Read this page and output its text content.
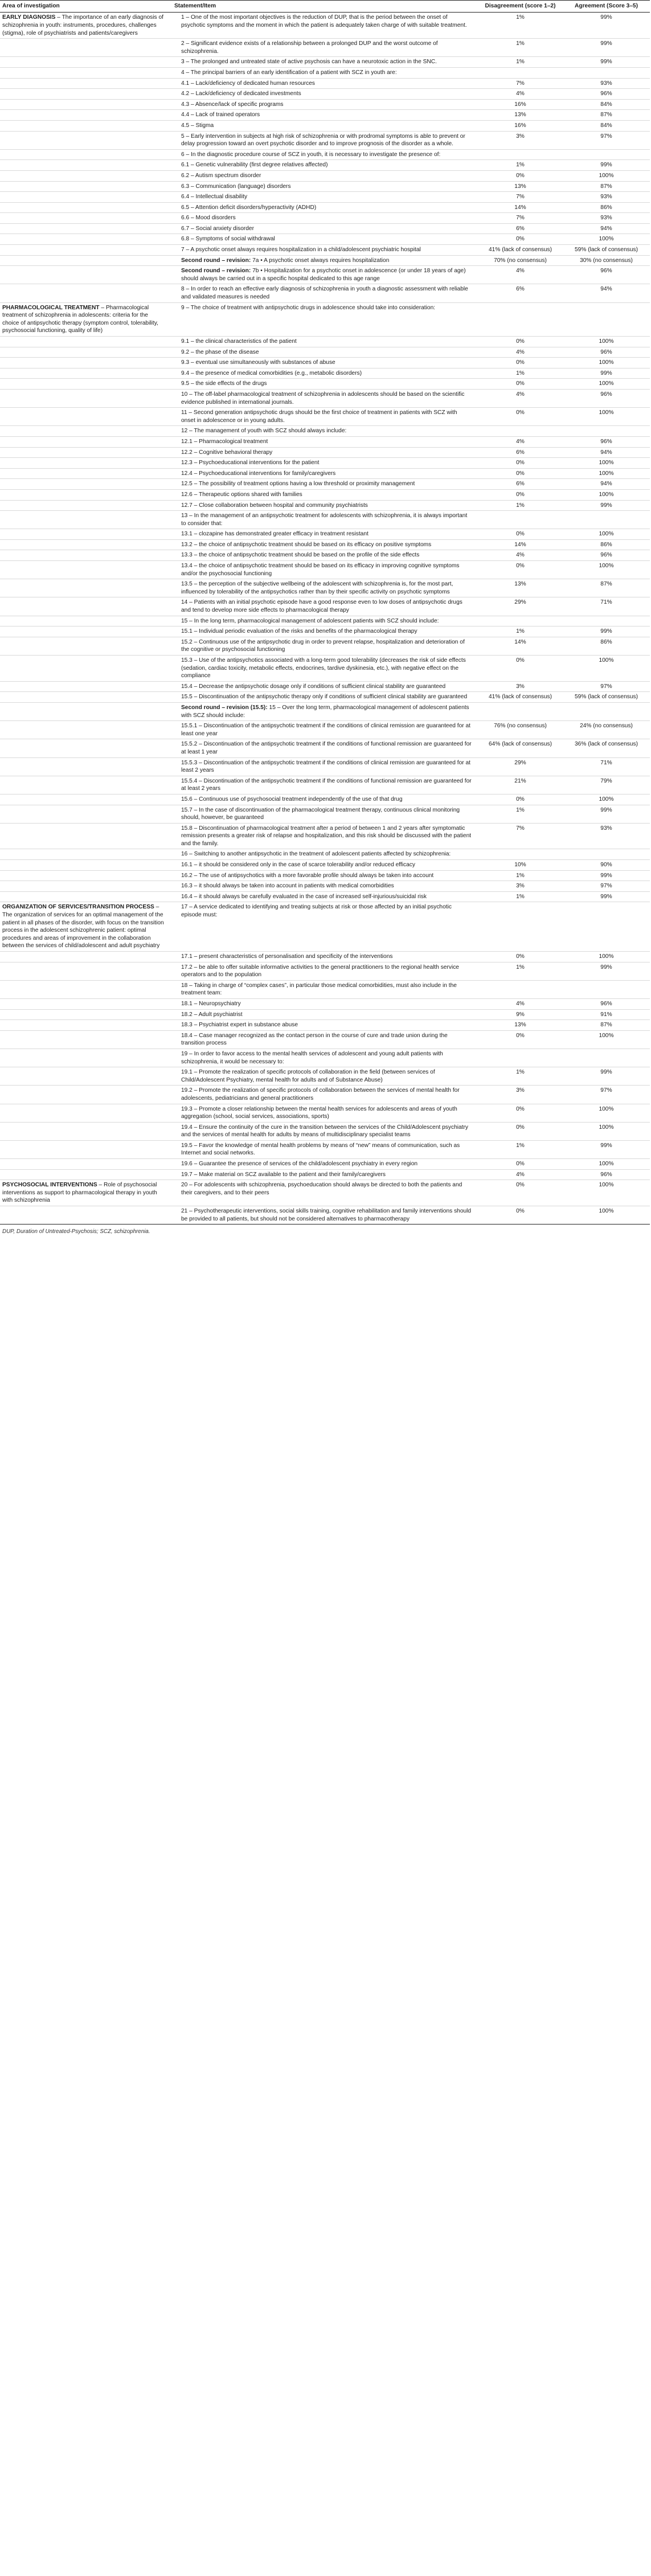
Area of investigation	Statement/Item	Disagreement (score 1–2)	Agreement (Score 3–5)
EARLY DIAGNOSIS – The importance of an early diagnosis of schizophrenia in youth: instruments, procedures, challenges (stigma), role of psychiatrists and patients/caregivers	1 – One of the most important objectives is the reduction of DUP, that is the period between the onset of psychotic symptoms and the moment in which the patient is adequately taken charge of with suitable treatment.	1%	99%
	2 – Significant evidence exists of a relationship between a prolonged DUP and the worst outcome of schizophrenia.	1%	99%
	3 – The prolonged and untreated state of active psychosis can have a neurotoxic action in the SNC.	1%	99%
	4 – The principal barriers of an early identification of a patient with SCZ in youth are:		
	4.1 – Lack/deficiency of dedicated human resources	7%	93%
	4.2 – Lack/deficiency of dedicated investments	4%	96%
	4.3 – Absence/lack of specific programs	16%	84%
	4.4 – Lack of trained operators	13%	87%
	4.5 – Stigma	16%	84%
	5 – Early intervention in subjects at high risk of schizophrenia or with prodromal symptoms is able to prevent or delay progression toward an overt psychotic disorder and to improve prognosis of the disorder as a whole.	3%	97%
	6 – In the diagnostic procedure course of SCZ in youth, it is necessary to investigate the presence of:		
	6.1 – Genetic vulnerability (first degree relatives affected)	1%	99%
	6.2 – Autism spectrum disorder	0%	100%
	6.3 – Communication (language) disorders	13%	87%
	6.4 – Intellectual disability	7%	93%
	6.5 – Attention deficit disorders/hyperactivity (ADHD)	14%	86%
	6.6 – Mood disorders	7%	93%
	6.7 – Social anxiety disorder	6%	94%
	6.8 – Symptoms of social withdrawal	0%	100%
	7 – A psychotic onset always requires hospitalization in a child/adolescent psychiatric hospital	41% (lack of consensus)	59% (lack of consensus)
	Second round – revision: 7a • A psychotic onset always requires hospitalization	70% (no consensus)	30% (no consensus)
	Second round – revision: 7b • Hospitalization for a psychotic onset in adolescence (or under 18 years of age) should always be carried out in a specific hospital dedicated to this age range	4%	96%
	8 – In order to reach an effective early diagnosis of schizophrenia in youth a diagnostic assessment with reliable and validated measures is needed	6%	94%
PHARMACOLOGICAL TREATMENT – Pharmacological treatment of schizophrenia in adolescents: criteria for the choice of antipsychotic therapy (symptom control, tolerability, psychosocial functioning, quality of life)	9 – The choice of treatment with antipsychotic drugs in adolescence should take into consideration:		
	9.1 – the clinical characteristics of the patient	0%	100%
	9.2 – the phase of the disease	4%	96%
	9.3 – eventual use simultaneously with substances of abuse	0%	100%
	9.4 – the presence of medical comorbidities (e.g., metabolic disorders)	1%	99%
	9.5 – the side effects of the drugs	0%	100%
	10 – The off-label pharmacological treatment of schizophrenia in adolescents should be based on the scientific evidence published in international journals.	4%	96%
	11 – Second generation antipsychotic drugs should be the first choice of treatment in patients with SCZ with onset in adolescence or in young adults.	0%	100%
	12 – The management of youth with SCZ should always include:		
	12.1 – Pharmacological treatment	4%	96%
	12.2 – Cognitive behavioral therapy	6%	94%
	12.3 – Psychoeducational interventions for the patient	0%	100%
	12.4 – Psychoeducational interventions for family/caregivers	0%	100%
	12.5 – The possibility of treatment options having a low threshold or proximity management	6%	94%
	12.6 – Therapeutic options shared with families	0%	100%
	12.7 – Close collaboration between hospital and community psychiatrists	1%	99%
	13 – In the management of an antipsychotic treatment for adolescents with schizophrenia, it is always important to consider that:		
	13.1 – clozapine has demonstrated greater efficacy in treatment resistant	0%	100%
	13.2 – the choice of antipsychotic treatment should be based on its efficacy on positive symptoms	14%	86%
	13.3 – the choice of antipsychotic treatment should be based on the profile of the side effects	4%	96%
	13.4 – the choice of antipsychotic treatment should be based on its efficacy in improving cognitive symptoms and/or the psychosocial functioning	0%	100%
	13.5 – the perception of the subjective wellbeing of the adolescent with schizophrenia is, for the most part, influenced by tolerability of the antipsychotics rather than by their specific activity on psychotic symptoms	13%	87%
	14 – Patients with an initial psychotic episode have a good response even to low doses of antipsychotic drugs and tend to develop more side effects to pharmacological therapy	29%	71%
	15 – In the long term, pharmacological management of adolescent patients with SCZ should include:		
	15.1 – Individual periodic evaluation of the risks and benefits of the pharmacological therapy	1%	99%
	15.2 – Continuous use of the antipsychotic drug in order to prevent relapse, hospitalization and deterioration of the cognitive or psychosocial functioning	14%	86%
	15.3 – Use of the antipsychotics associated with a long-term good tolerability (decreases the risk of side effects (sedation, cardiac toxicity, metabolic effects, endocrines, tardive dyskinesia, etc.), with negative effect on the compliance	0%	100%
	15.4 – Decrease the antipsychotic dosage only if conditions of sufficient clinical stability are guaranteed	3%	97%
	15.5 – Discontinuation of the antipsychotic therapy only if conditions of sufficient clinical stability are guaranteed	41% (lack of consensus)	59% (lack of consensus)
	Second round – revision (15.5): 15 – Over the long term, pharmacological management of adolescent patients with SCZ should include:		
	15.5.1 – Discontinuation of the antipsychotic treatment if the conditions of clinical remission are guaranteed for at least one year	76% (no consensus)	24% (no consensus)
	15.5.2 – Discontinuation of the antipsychotic treatment if the conditions of functional remission are guaranteed for at least 1 year	64% (lack of consensus)	36% (lack of consensus)
	15.5.3 – Discontinuation of the antipsychotic treatment if the conditions of clinical remission are guaranteed for at least 2 years	29%	71%
	15.5.4 – Discontinuation of the antipsychotic treatment if the conditions of functional remission are guaranteed for at least 2 years	21%	79%
	15.6 – Continuous use of psychosocial treatment independently of the use of that drug	0%	100%
	15.7 – In the case of discontinuation of the pharmacological treatment therapy, continuous clinical monitoring should, however, be guaranteed	1%	99%
	15.8 – Discontinuation of pharmacological treatment after a period of between 1 and 2 years after symptomatic remission presents a greater risk of relapse and hospitalization, and this risk should be discussed with the patient and the family.	7%	93%
	16 – Switching to another antipsychotic in the treatment of adolescent patients affected by schizophrenia:		
	16.1 – it should be considered only in the case of scarce tolerability and/or reduced efficacy	10%	90%
	16.2 – The use of antipsychotics with a more favorable profile should always be taken into account	1%	99%
	16.3 – it should always be taken into account in patients with medical comorbidities	3%	97%
	16.4 – it should always be carefully evaluated in the case of increased self-injurious/suicidal risk	1%	99%
ORGANIZATION OF SERVICES/TRANSITION PROCESS – The organization of services for an optimal management of the patient in all phases of the disorder, with focus on the transition process in the adolescent schizophrenic patient: optimal procedures and areas of improvement in the collaboration between the services of child/adolescent and adult psychiatry	17 – A service dedicated to identifying and treating subjects at risk or those affected by an initial psychotic episode must:		
	17.1 – present characteristics of personalisation and specificity of the interventions	0%	100%
	17.2 – be able to offer suitable informative activities to the general practitioners to the regional health service operators and to the population	1%	99%
	18 – Taking in charge of “complex cases”, in particular those medical comorbidities, must also include in the treatment team:		
	18.1 – Neuropsychiatry	4%	96%
	18.2 – Adult psychiatrist	9%	91%
	18.3 – Psychiatrist expert in substance abuse	13%	87%
	18.4 – Case manager recognized as the contact person in the course of cure and trade union during the transition process	0%	100%
	19 – In order to favor access to the mental health services of adolescent and young adult patients with schizophrenia, it would be necessary to:		
	19.1 – Promote the realization of specific protocols of collaboration in the field (between services of Child/Adolescent Psychiatry, mental health for adults and of Substance Abuse)	1%	99%
	19.2 – Promote the realization of specific protocols of collaboration between the services of mental health for adolescents, pediatricians and general practitioners	3%	97%
	19.3 – Promote a closer relationship between the mental health services for adolescents and areas of youth aggregation (school, social services, associations, sports)	0%	100%
	19.4 – Ensure the continuity of the cure in the transition between the services of the Child/Adolescent psychiatry and the services of mental health for adults by means of multidisciplinary specialist teams	0%	100%
	19.5 – Favor the knowledge of mental health problems by means of “new” means of communication, such as Internet and social networks.	1%	99%
	19.6 – Guarantee the presence of services of the child/adolescent psychiatry in every region	0%	100%
	19.7 – Make material on SCZ available to the patient and their family/caregivers	4%	96%
PSYCHOSOCIAL INTERVENTIONS – Role of psychosocial interventions as support to pharmacological therapy in youth with schizophrenia	20 – For adolescents with schizophrenia, psychoeducation should always be directed to both the patients and their caregivers, and to their peers	0%	100%
	21 – Psychotherapeutic interventions, social skills training, cognitive rehabilitation and family interventions should be provided to all patients, but should not be considered alternatives to pharmacotherapy	0%	100%
DUP, Duration of Untreated-Psychosis; SCZ, schizophrenia.
